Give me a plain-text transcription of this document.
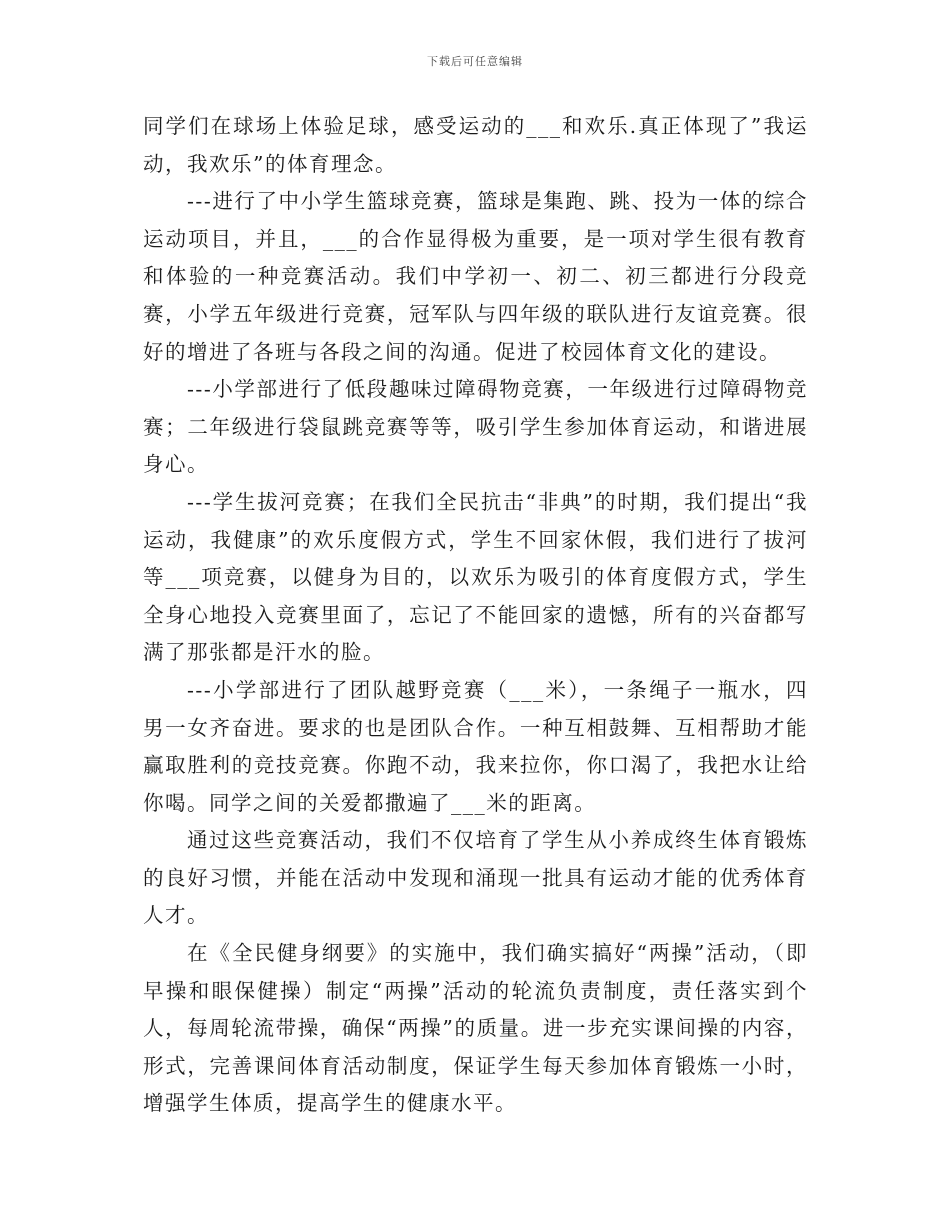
下载后可任意编辑

同学们在球场上体验足球，感受运动的___和欢乐.真正体现了”我运动，我欢乐”的体育理念。

---进行了中小学生篮球竞赛，篮球是集跑、跳、投为一体的综合运动项目，并且，___的合作显得极为重要，是一项对学生很有教育和体验的一种竞赛活动。我们中学初一、初二、初三都进行分段竞赛，小学五年级进行竞赛，冠军队与四年级的联队进行友谊竞赛。很好的增进了各班与各段之间的沟通。促进了校园体育文化的建设。

---小学部进行了低段趣味过障碍物竞赛，一年级进行过障碍物竞赛；二年级进行袋鼠跳竞赛等等，吸引学生参加体育运动，和谐进展身心。

---学生拔河竞赛；在我们全民抗击“非典”的时期，我们提出“我运动，我健康”的欢乐度假方式，学生不回家休假，我们进行了拔河等___项竞赛，以健身为目的，以欢乐为吸引的体育度假方式，学生全身心地投入竞赛里面了，忘记了不能回家的遗憾，所有的兴奋都写满了那张都是汗水的脸。

---小学部进行了团队越野竞赛（___米），一条绳子一瓶水，四男一女齐奋进。要求的也是团队合作。一种互相鼓舞、互相帮助才能赢取胜利的竞技竞赛。你跑不动，我来拉你，你口渴了，我把水让给你喝。同学之间的关爱都撒遍了___米的距离。

通过这些竞赛活动，我们不仅培育了学生从小养成终生体育锻炼的良好习惯，并能在活动中发现和涌现一批具有运动才能的优秀体育人才。

在《全民健身纲要》的实施中，我们确实搞好“两操”活动，（即早操和眼保健操）制定“两操”活动的轮流负责制度，责任落实到个人，每周轮流带操，确保“两操”的质量。进一步充实课间操的内容，形式，完善课间体育活动制度，保证学生每天参加体育锻炼一小时，增强学生体质，提高学生的健康水平。
